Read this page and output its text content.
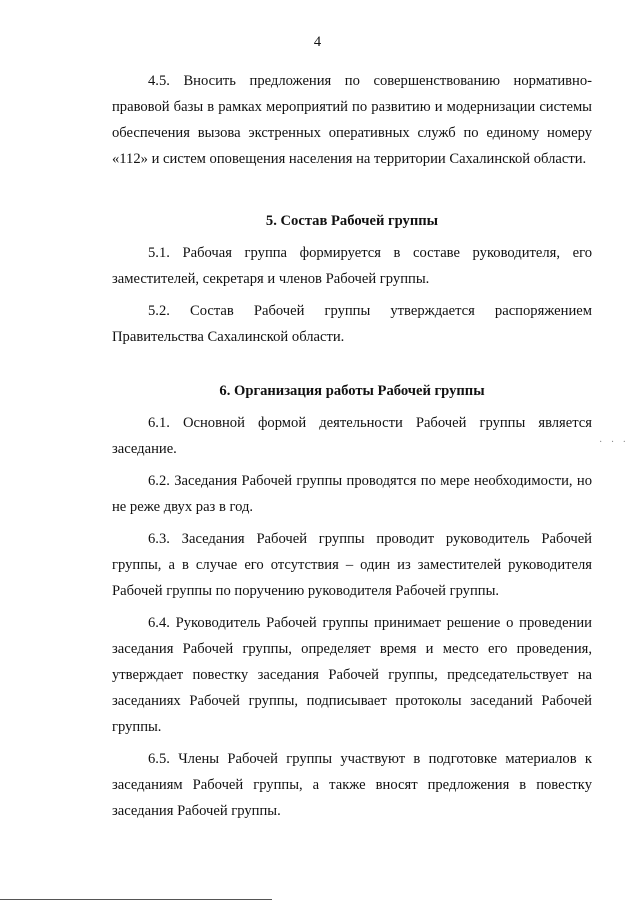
4

4.5. Вносить предложения по совершенствованию нормативно-правовой базы в рамках мероприятий по развитию и модернизации системы обеспечения вызова экстренных оперативных служб по единому номеру «112» и систем оповещения населения на территории Сахалинской области.

5. Состав Рабочей группы

5.1. Рабочая группа формируется в составе руководителя, его заместителей, секретаря и членов Рабочей группы.

5.2. Состав Рабочей группы утверждается распоряжением Правительства Сахалинской области.

6. Организация работы Рабочей группы

6.1. Основной формой деятельности Рабочей группы является заседание.

6.2. Заседания Рабочей группы проводятся по мере необходимости, но не реже двух раз в год.

6.3. Заседания Рабочей группы проводит руководитель Рабочей группы, а в случае его отсутствия – один из заместителей руководителя Рабочей группы по поручению руководителя Рабочей группы.

6.4. Руководитель Рабочей группы принимает решение о проведении заседания Рабочей группы, определяет время и место его проведения, утверждает повестку заседания Рабочей группы, председательствует на заседаниях Рабочей группы, подписывает протоколы заседаний Рабочей группы.

6.5. Члены Рабочей группы участвуют в подготовке материалов к заседаниям Рабочей группы, а также вносят предложения в повестку заседания Рабочей группы.

· · ·
